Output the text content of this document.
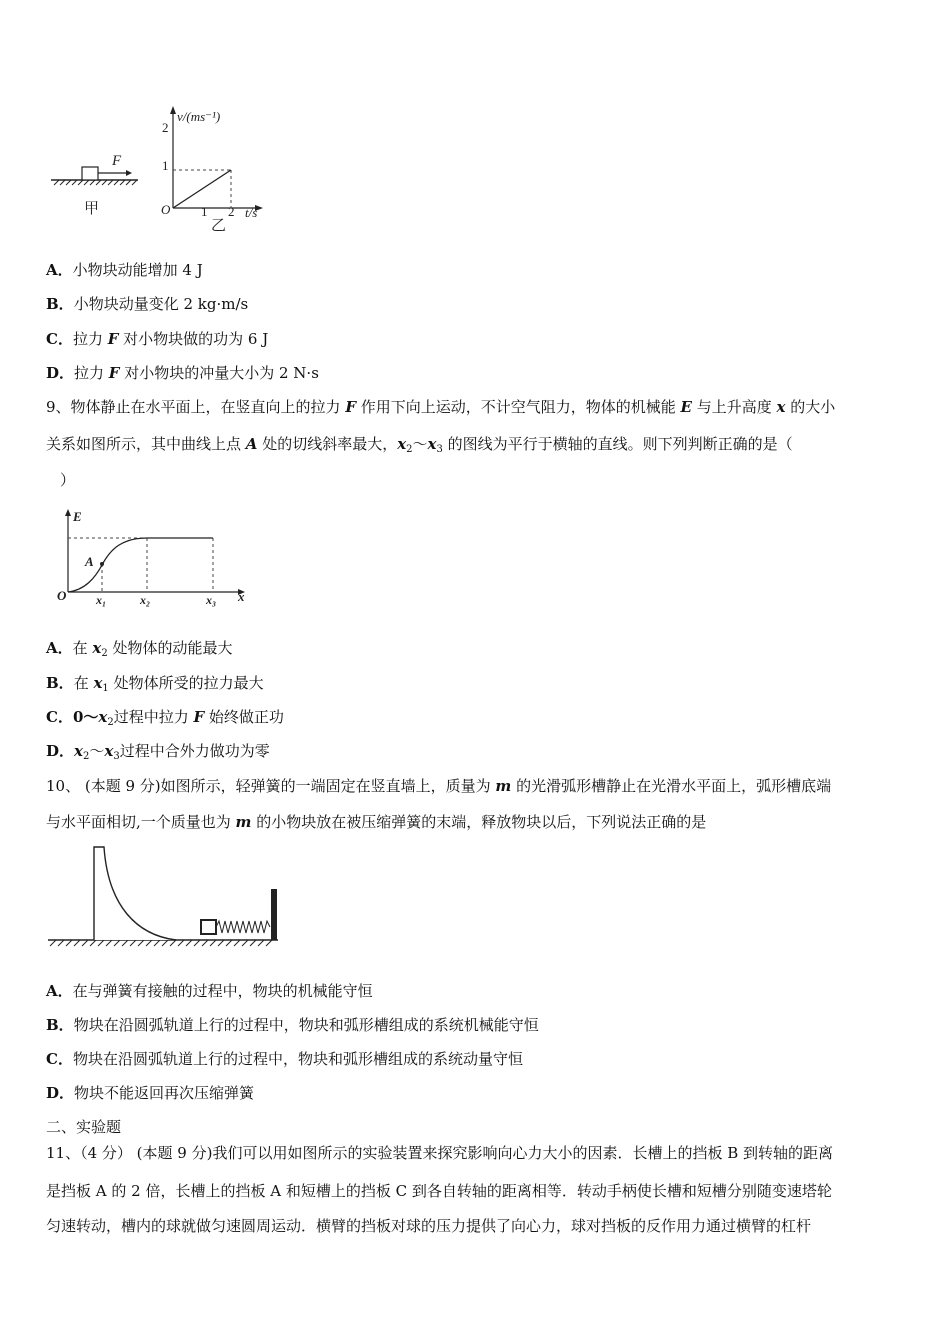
F
甲
v/(ms⁻¹)
t/s
O
1
2
1 2
乙
A．小物块动能增加 4 J
B．小物块动量变化 2 kg·m/s
C．拉力 F 对小物块做的功为 6 J
D．拉力 F 对小物块的冲量大小为 2 N·s
9、物体静止在水平面上，在竖直向上的拉力 F 作用下向上运动，不计空气阻力，物体的机械能 E 与上升高度 x 的大小
关系如图所示，其中曲线上点 A 处的切线斜率最大，$x_2\sim x_3$ 的图线为平行于横轴的直线。则下列判断正确的是（
）
E
x
O
A
x₁	x₂	x₃
A．在 $x_2$ 处物体的动能最大
B．在 $x_1$ 处物体所受的拉力最大
C．$0\sim x_2$过程中拉力 F 始终做正功
D．$x_2\sim x_3$过程中合外力做功为零
10、 (本题 9 分)如图所示，轻弹簧的一端固定在竖直墙上，质量为 m 的光滑弧形槽静止在光滑水平面上，弧形槽底端
与水平面相切,一个质量也为 m 的小物块放在被压缩弹簧的末端，释放物块以后，下列说法正确的是
A．在与弹簧有接触的过程中，物块的机械能守恒
B．物块在沿圆弧轨道上行的过程中，物块和弧形槽组成的系统机械能守恒
C．物块在沿圆弧轨道上行的过程中，物块和弧形槽组成的系统动量守恒
D．物块不能返回再次压缩弹簧
二、实验题
11、（4 分） (本题 9 分)我们可以用如图所示的实验装置来探究影响向心力大小的因素．长槽上的挡板 B 到转轴的距离
是挡板 A 的 2 倍，长槽上的挡板 A 和短槽上的挡板 C 到各自转轴的距离相等．转动手柄使长槽和短槽分别随变速塔轮
匀速转动，槽内的球就做匀速圆周运动．横臂的挡板对球的压力提供了向心力，球对挡板的反作用力通过横臂的杠杆
